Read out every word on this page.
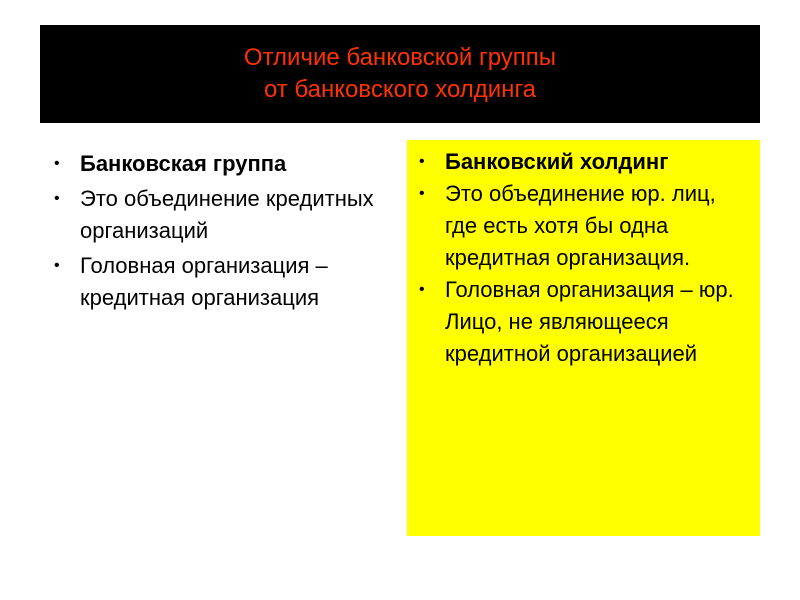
Отличие банковской группы
от банковского холдинга
• Банковская группа
• Это объединение кредитных организаций
• Головная организация – кредитная организация
• Банковский холдинг
• Это объединение юр. лиц, где есть хотя бы одна кредитная организация.
• Головная организация – юр. Лицо, не являющееся кредитной организацией
